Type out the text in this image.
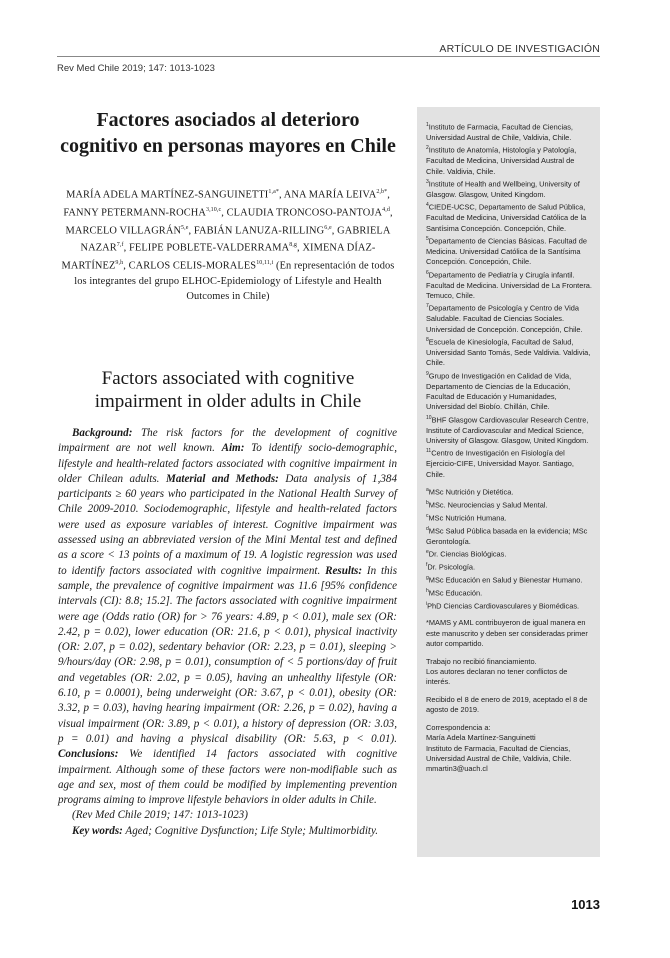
ARTÍCULO DE INVESTIGACIÓN
Rev Med Chile 2019; 147: 1013-1023
Factores asociados al deterioro cognitivo en personas mayores en Chile
MARÍA ADELA MARTÍNEZ-$SANGUINETTI^{1,a*}$, ANA MARÍA $LEIVA^{2,b*}$, FANNY PETERMANN-ROCHA$^{3,10,c}$, CLAUDIA TRONCOSO-PANTOJA$^{4,d}$, MARCELO VILLAGRÁN$^{5,e}$, FABIÁN LANUZA-RILLING$^{6,e}$, GABRIELA NAZAR$^{7,f}$, FELIPE POBLETE-VALDERRAMA$^{8,g}$, XIMENA DÍAZ-MARTÍNEZ$^{9,h}$, CARLOS CELIS-MORALES$^{10,11,i}$ (En representación de todos los integrantes del grupo ELHOC-Epidemiology of Lifestyle and Health Outcomes in Chile)
Factors associated with cognitive impairment in older adults in Chile

Background: The risk factors for the development of cognitive impairment are not well known. Aim: To identify socio-demographic, lifestyle and health-related factors associated with cognitive impairment in older Chilean adults. Material and Methods: Data analysis of 1,384 participants ≥ 60 years who participated in the National Health Survey of Chile 2009-2010. Sociodemographic, lifestyle and health-related factors were used as exposure variables of interest. Cognitive impairment was assessed using an abbreviated version of the Mini Mental test and defined as a score < 13 points of a maximum of 19. A logistic regression was used to identify factors associated with cognitive impairment. Results: In this sample, the prevalence of cognitive impairment was 11.6 [95% confidence intervals (CI): 8.8; 15.2]. The factors associated with cognitive impairment were age (Odds ratio (OR) for > 76 years: 4.89, p < 0.01), male sex (OR: 2.42, p = 0.02), lower education (OR: 21.6, p < 0.01), physical inactivity (OR: 2.07, p = 0.02), sedentary behavior (OR: 2.23, p = 0.01), sleeping > 9/hours/day (OR: 2.98, p = 0.01), consumption of < 5 portions/day of fruit and vegetables (OR: 2.02, p = 0.05), having an unhealthy lifestyle (OR: 6.10, p = 0.0001), being underweight (OR: 3.67, p < 0.01), obesity (OR: 3.32, p = 0.03), having hearing impairment (OR: 2.26, p = 0.02), having a visual impairment (OR: 3.89, p < 0.01), a history of depression (OR: 3.03, p = 0.01) and having a physical disability (OR: 5.63, p < 0.01). Conclusions: We identified 14 factors associated with cognitive impairment. Although some of these factors were non-modifiable such as age and sex, most of them could be modified by implementing prevention programs aiming to improve lifestyle behaviors in older adults in Chile.

(Rev Med Chile 2019; 147: 1013-1023)

Key words: Aged; Cognitive Dysfunction; Life Style; Multimorbidity.

$^1$Instituto de Farmacia, Facultad de Ciencias, Universidad Austral de Chile, Valdivia, Chile.
$^2$Instituto de Anatomía, Histología y Patología, Facultad de Medicina, Universidad Austral de Chile. Valdivia, Chile.
$^3$Institute of Health and Wellbeing, University of Glasgow. Glasgow, United Kingdom.
$^4$CIEDE-UCSC, Departamento de Salud Pública, Facultad de Medicina, Universidad Católica de la Santísima Concepción. Concepción, Chile.
$^5$Departamento de Ciencias Básicas. Facultad de Medicina. Universidad Católica de la Santísima Concepción. Concepción, Chile.
$^6$Departamento de Pediatría y Cirugía infantil. Facultad de Medicina. Universidad de La Frontera. Temuco, Chile.
$^7$Departamento de Psicología y Centro de Vida Saludable. Facultad de Ciencias Sociales. Universidad de Concepción. Concepción, Chile.
$^8$Escuela de Kinesiología, Facultad de Salud, Universidad Santo Tomás, Sede Valdivia. Valdivia, Chile.
$^9$Grupo de Investigación en Calidad de Vida, Departamento de Ciencias de la Educación, Facultad de Educación y Humanidades, Universidad del Biobío. Chillán, Chile.
$^{10}$BHF Glasgow Cardiovascular Research Centre, Institute of Cardiovascular and Medical Science, University of Glasgow. Glasgow, United Kingdom.
$^{11}$Centro de Investigación en Fisiología del Ejercicio-CIFE, Universidad Mayor. Santiago, Chile.
$^a$MSc Nutrición y Dietética.
$^b$MSc. Neurociencias y Salud Mental.
$^c$MSc Nutrición Humana.
$^d$MSc Salud Pública basada en la evidencia; MSc Gerontología.
$^e$Dr. Ciencias Biológicas.
$^f$Dr. Psicología.
$^g$MSc Educación en Salud y Bienestar Humano.
$^h$MSc Educación.
$^i$PhD Ciencias Cardiovasculares y Biomédicas.
*MAMS y AML contribuyeron de igual manera en este manuscrito y deben ser consideradas primer autor compartido.
Trabajo no recibió financiamiento.
Los autores declaran no tener conflictos de interés.
Recibido el 8 de enero de 2019, aceptado el 8 de agosto de 2019.
Correspondencia a:
María Adela Martínez-Sanguinetti
Instituto de Farmacia, Facultad de Ciencias, Universidad Austral de Chile, Valdivia, Chile.
mmartin3@uach.cl
1013
